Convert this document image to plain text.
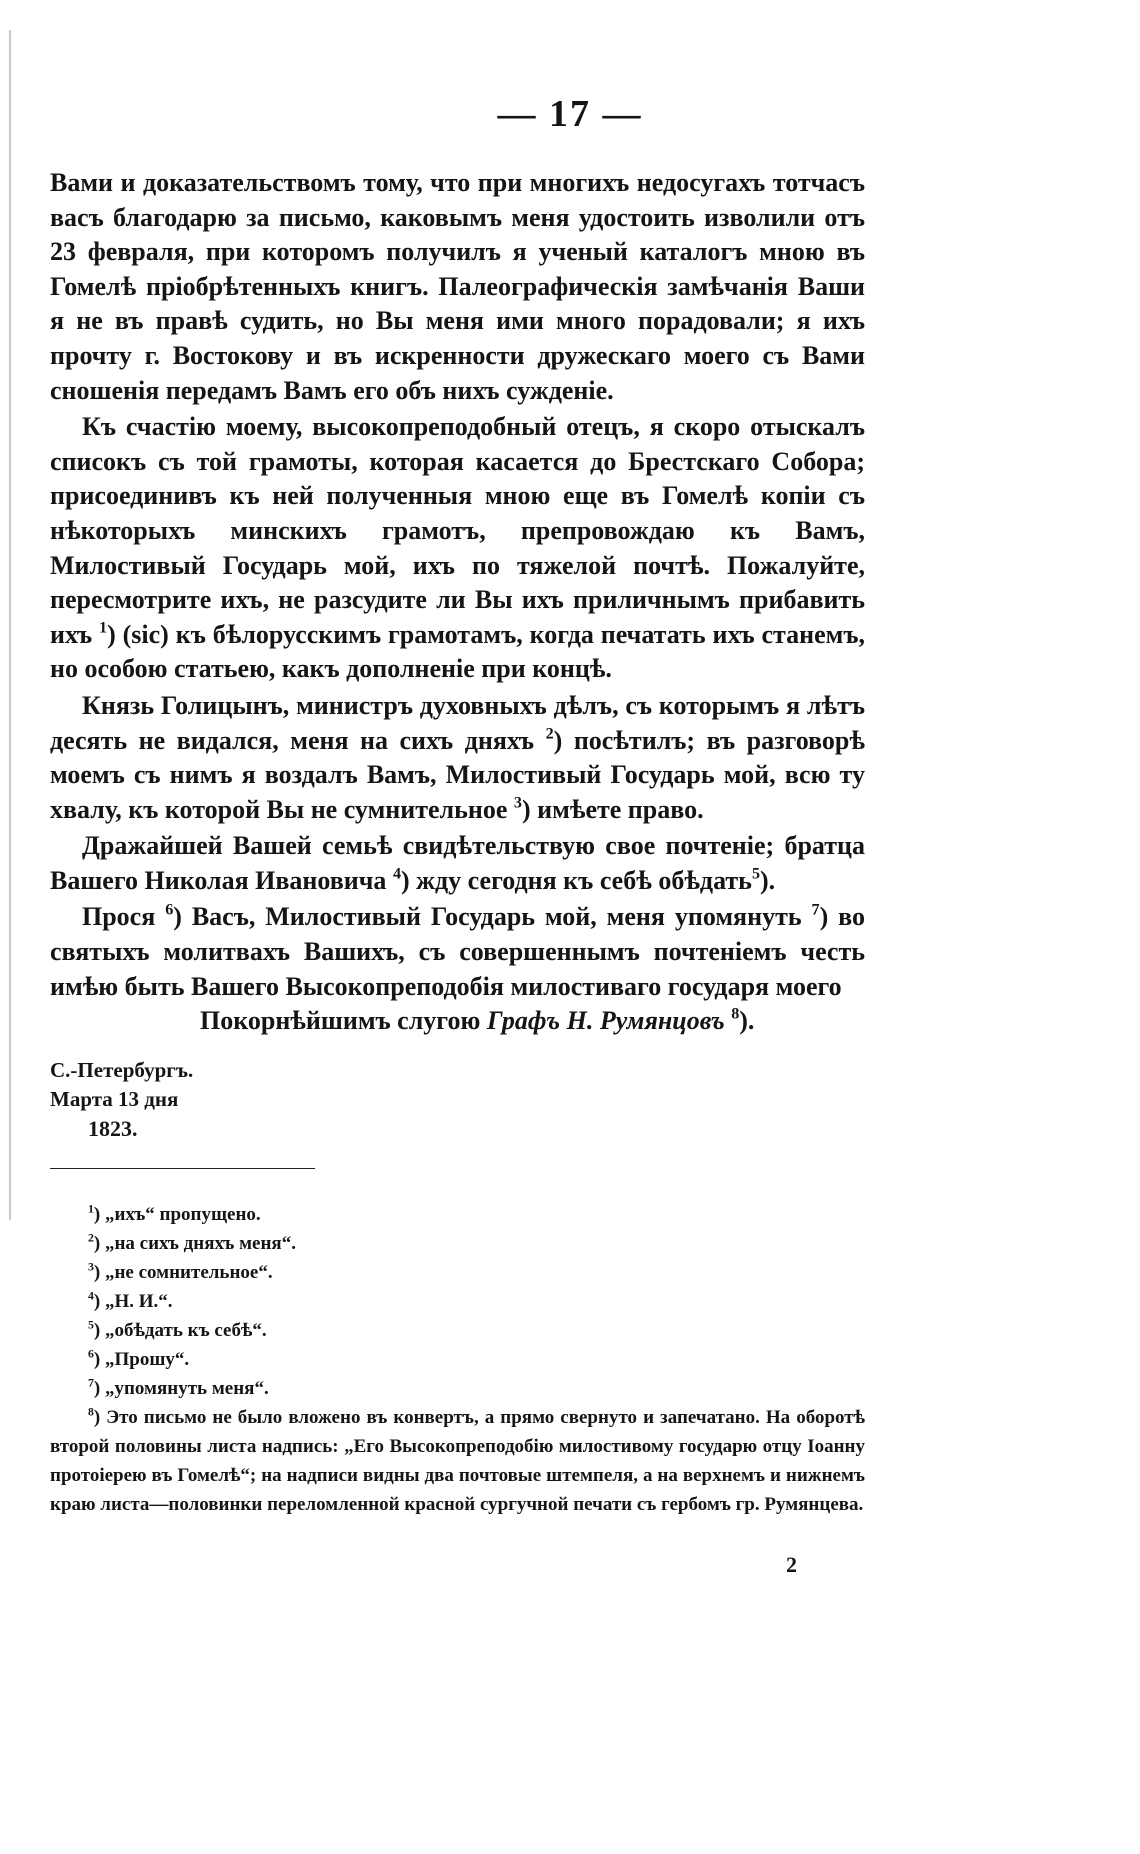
— 17 —

Вами и доказательствомъ тому, что при многихъ недосугахъ тотчасъ васъ благодарю за письмо, каковымъ меня удостоить изволили отъ 23 февраля, при которомъ получилъ я ученый каталогъ мною въ Гомелѣ пріобрѣтенныхъ книгъ. Палеографическія замѣчанія Ваши я не въ правѣ судить, но Вы меня ими много порадовали; я ихъ прочту г. Востокову и въ искренности дружескаго моего съ Вами сношенія передамъ Вамъ его объ нихъ сужденіе.

Къ счастію моему, высокопреподобный отецъ, я скоро отыскалъ списокъ съ той грамоты, которая касается до Брестскаго Собора; присоединивъ къ ней полученныя мною еще въ Гомелѣ копіи съ нѣкоторыхъ минскихъ грамотъ, препровождаю къ Вамъ, Милостивый Государь мой, ихъ по тяжелой почтѣ. Пожалуйте, пересмотрите ихъ, не разсудите ли Вы ихъ приличнымъ прибавить ихъ $^1$) (sic) къ бѣлорусскимъ грамотамъ, когда печатать ихъ станемъ, но особою статьею, какъ дополненіе при концѣ.

Князь Голицынъ, министръ духовныхъ дѣлъ, съ которымъ я лѣтъ десять не видался, меня на сихъ дняхъ $^2$) посѣтилъ; въ разговорѣ моемъ съ нимъ я воздалъ Вамъ, Милостивый Государь мой, всю ту хвалу, къ которой Вы не сумнительное $^3$) имѣете право.

Дражайшей Вашей семьѣ свидѣтельствую свое почтеніе; братца Вашего Николая Ивановича $^4$) жду сегодня къ себѣ обѣдать$^5$).

Прося $^6$) Васъ, Милостивый Государь мой, меня упомянуть $^7$) во святыхъ молитвахъ Вашихъ, съ совершеннымъ почтеніемъ честь имѣю быть Вашего Высокопреподобія милостиваго государя моего

Покорнѣйшимъ слугою Графъ Н. Румянцовъ $^8$).
С.-Петербургъ.
Марта 13 дня
1823.
$^1$) „ихъ“ пропущено.
$^2$) „на сихъ дняхъ меня“.
$^3$) „не сомнительное“.
$^4$) „Н. И.“.
$^5$) „обѣдать къ себѣ“.
$^6$) „Прошу“.
$^7$) „упомянуть меня“.
$^8$) Это письмо не было вложено въ конвертъ, а прямо свернуто и запечатано. На оборотѣ второй половины листа надпись: „Его Высокопреподобію милостивому государю отцу Іоанну протоіерею въ Гомелѣ“; на надписи видны два почтовые штемпеля, а на верхнемъ и нижнемъ краю листа—половинки переломленной красной сургучной печати съ гербомъ гр. Румянцева.
2
